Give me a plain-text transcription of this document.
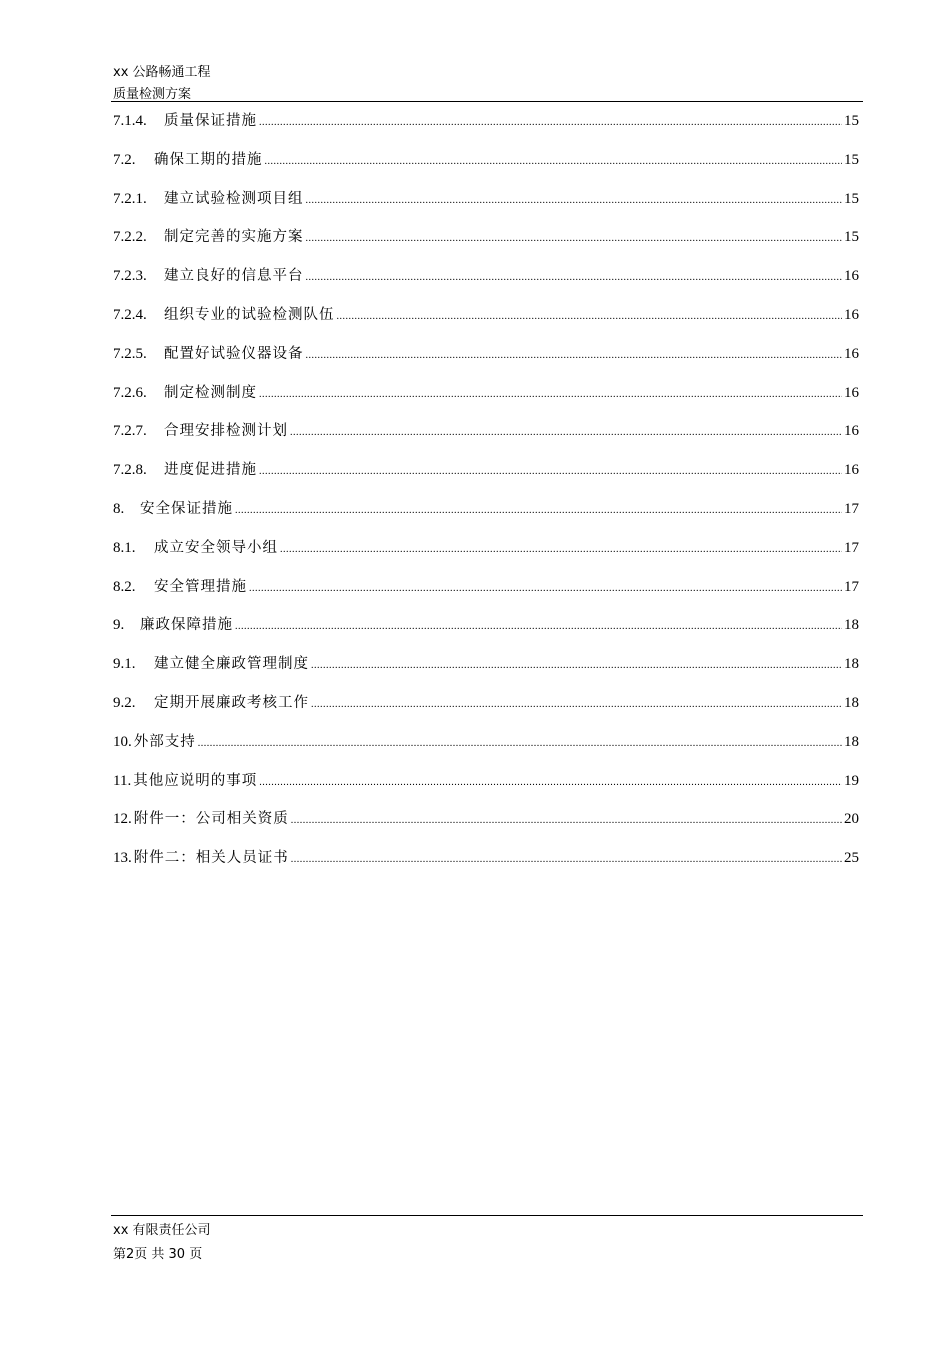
xx 公路畅通工程
质量检测方案
7.1.4.	质量保证措施 .....	15
7.2.	确保工期的措施 .....	15
7.2.1.	建立试验检测项目组 .....	15
7.2.2.	制定完善的实施方案 .....	15
7.2.3.	建立良好的信息平台 .....	16
7.2.4.	组织专业的试验检测队伍 .....	16
7.2.5.	配置好试验仪器设备 .....	16
7.2.6.	制定检测制度 .....	16
7.2.7.	合理安排检测计划 .....	16
7.2.8.	进度促进措施 .....	16
8.	安全保证措施 .....	17
8.1.	成立安全领导小组 .....	17
8.2.	安全管理措施 .....	17
9.	廉政保障措施 .....	18
9.1.	建立健全廉政管理制度 .....	18
9.2.	定期开展廉政考核工作 .....	18
10. 外部支持 .....	18
11. 其他应说明的事项 .....	19
12. 附件一：公司相关资质 .....	20
13. 附件二：相关人员证书 .....	25
xx 有限责任公司
第2页 共 30 页
